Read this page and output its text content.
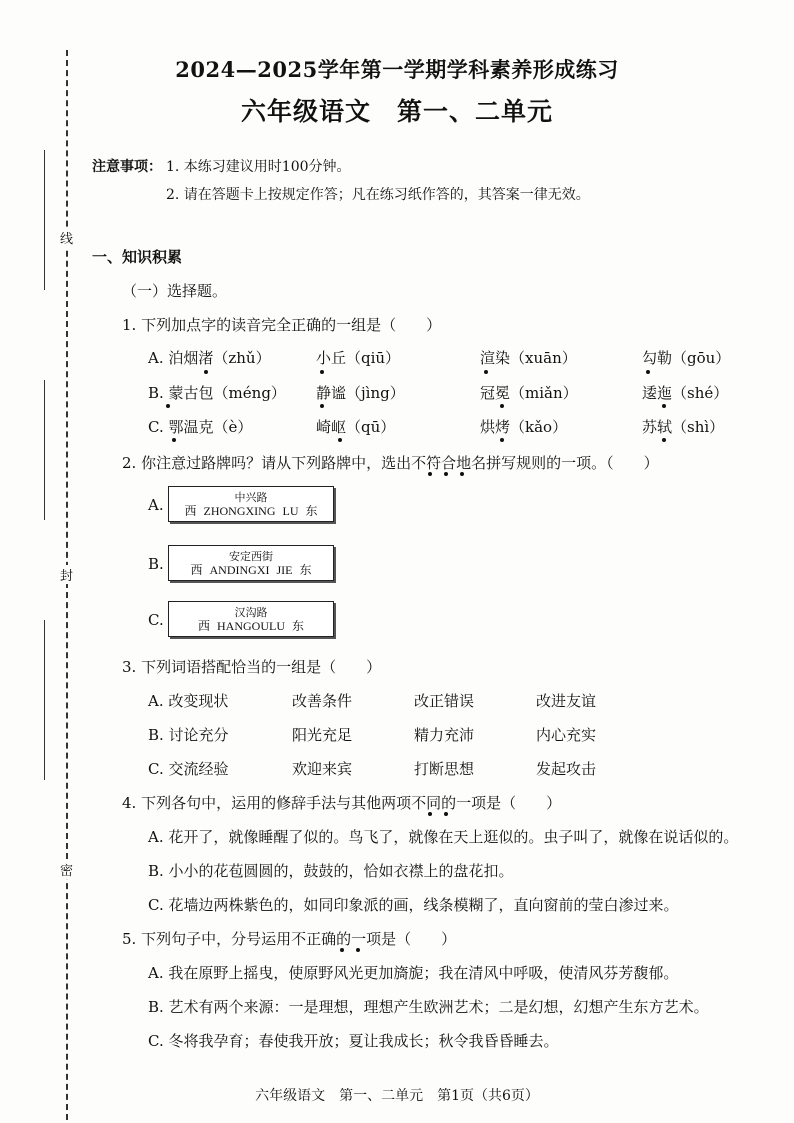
线
封
密
2024—2025学年第一学期学科素养形成练习
六年级语文　第一、二单元
注意事项： 1. 本练习建议用时100分钟。
2. 请在答题卡上按规定作答；凡在练习纸作答的，其答案一律无效。
一、知识积累
（一）选择题。
1. 下列加点字的读音完全正确的一组是（　　）
A. 泊烟渚（zhǔ）	小丘（qiū）	渲染（xuān）	勾勒（gōu）
B. 蒙古包（méng） 静谧（jìng）	冠冕（miǎn）	逶迤（shé）
C. 鄂温克（è）	崎岖（qū）	烘烤（kǎo）	苏轼（shì）
2. 你注意过路牌吗？请从下列路牌中，选出不符合地名拼写规则的一项。（　　）
A.	中兴路
西 ZHONGXING LU 东
B.	安定西街
西 ANDINGXI JIE 东
C.	汉沟路
西 HANGOULU 东
3. 下列词语搭配恰当的一组是（　　）
A. 改变现状	改善条件	改正错误	改进友谊
B. 讨论充分	阳光充足	精力充沛	内心充实
C. 交流经验	欢迎来宾	打断思想	发起攻击
4. 下列各句中，运用的修辞手法与其他两项不同的一项是（　　）
A. 花开了，就像睡醒了似的。鸟飞了，就像在天上逛似的。虫子叫了，就像在说话似的。
B. 小小的花苞圆圆的，鼓鼓的，恰如衣襟上的盘花扣。
C. 花墙边两株紫色的，如同印象派的画，线条模糊了，直向窗前的莹白渗过来。
5. 下列句子中，分号运用不正确的一项是（　　）
A. 我在原野上摇曳，使原野风光更加旖旎；我在清风中呼吸，使清风芬芳馥郁。
B. 艺术有两个来源：一是理想，理想产生欧洲艺术；二是幻想，幻想产生东方艺术。
C. 冬将我孕育；春使我开放；夏让我成长；秋令我昏昏睡去。
六年级语文　第一、二单元　第1页（共6页）
